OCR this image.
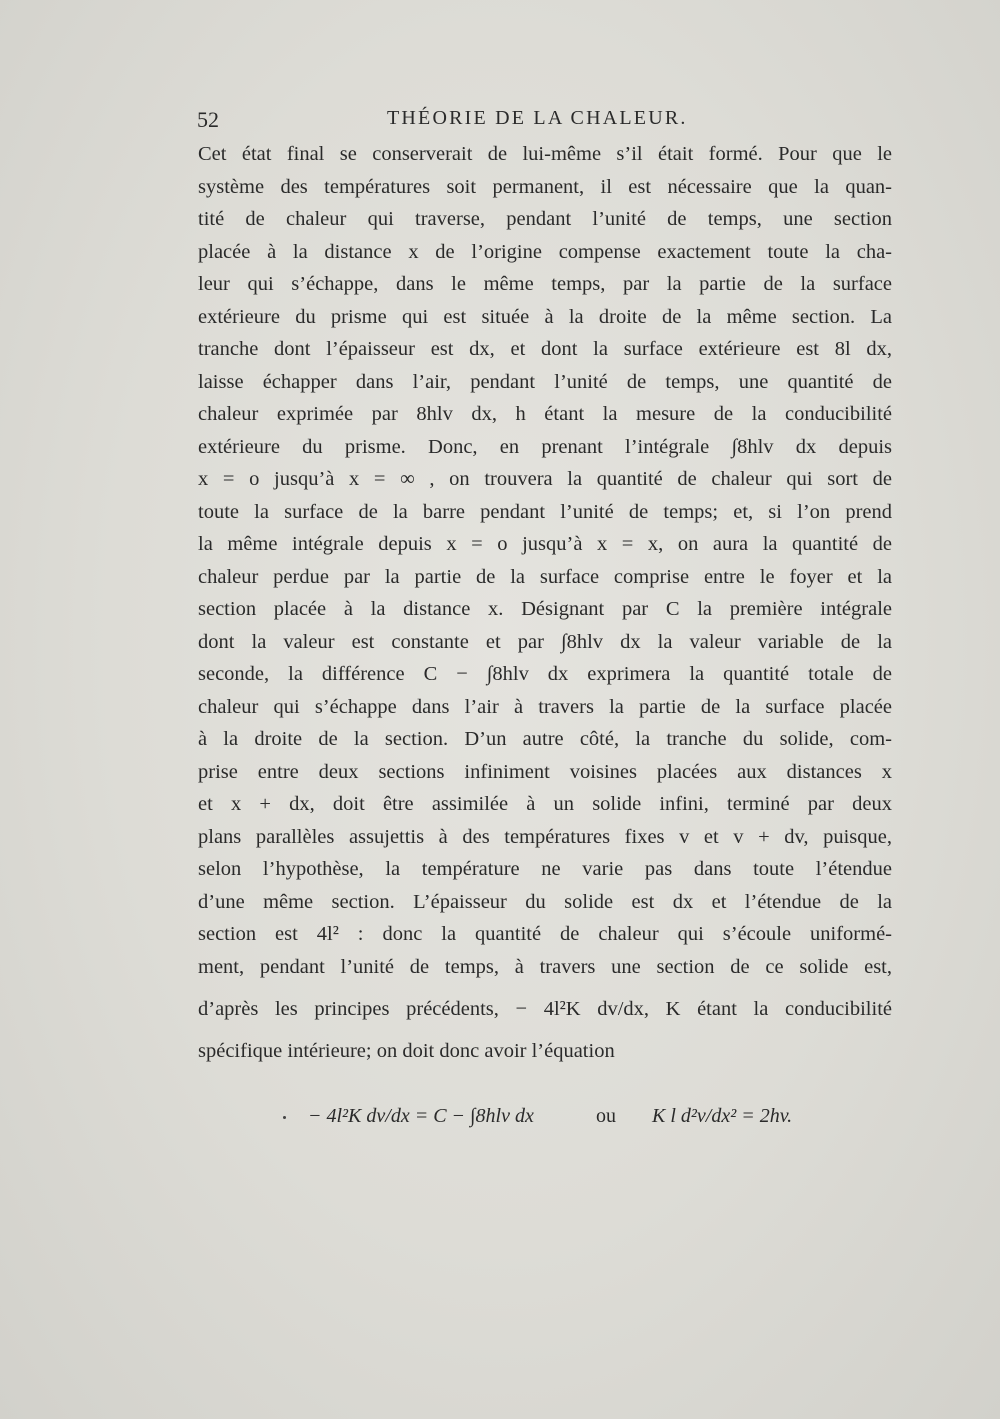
52	THÉORIE DE LA CHALEUR.
Cet état final se conserverait de lui-même s’il était formé. Pour que le
système des températures soit permanent, il est nécessaire que la quan-
tité de chaleur qui traverse, pendant l’unité de temps, une section
placée à la distance x de l’origine compense exactement toute la cha-
leur qui s’échappe, dans le même temps, par la partie de la surface
extérieure du prisme qui est située à la droite de la même section. La
tranche dont l’épaisseur est dx, et dont la surface extérieure est 8l dx,
laisse échapper dans l’air, pendant l’unité de temps, une quantité de
chaleur exprimée par 8hlv dx, h étant la mesure de la conducibilité
extérieure du prisme. Donc, en prenant l’intégrale ∫8hlv dx depuis
x = o jusqu’à x = ∞ , on trouvera la quantité de chaleur qui sort de
toute la surface de la barre pendant l’unité de temps; et, si l’on prend
la même intégrale depuis x = o jusqu’à x = x, on aura la quantité de
chaleur perdue par la partie de la surface comprise entre le foyer et la
section placée à la distance x. Désignant par C la première intégrale
dont la valeur est constante et par ∫8hlv dx la valeur variable de la
seconde, la différence C − ∫8hlv dx exprimera la quantité totale de
chaleur qui s’échappe dans l’air à travers la partie de la surface placée
à la droite de la section. D’un autre côté, la tranche du solide, com-
prise entre deux sections infiniment voisines placées aux distances x
et x + dx, doit être assimilée à un solide infini, terminé par deux
plans parallèles assujettis à des températures fixes v et v + dv, puisque,
selon l’hypothèse, la température ne varie pas dans toute l’étendue
d’une même section. L’épaisseur du solide est dx et l’étendue de la
section est 4l² : donc la quantité de chaleur qui s’écoule uniformé-
ment, pendant l’unité de temps, à travers une section de ce solide est,
d’après les principes précédents, − 4l²K dv/dx, K étant la conducibilité
spécifique intérieure; on doit donc avoir l’équation
− 4l²K dv/dx = C − ∫8hlv dx	ou K l d²v/dx² = 2hv.
